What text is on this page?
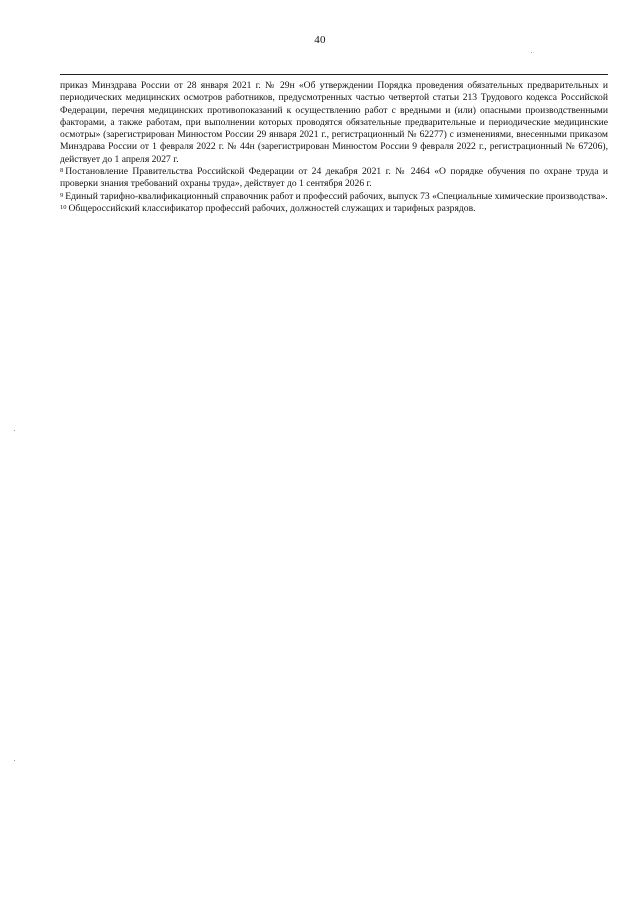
40

приказ Минздрава России от 28 января 2021 г. № 29н «Об утверждении Порядка проведения обязательных предварительных и периодических медицинских осмотров работников, предусмотренных частью четвертой статьи 213 Трудового кодекса Российской Федерации, перечня медицинских противопоказаний к осуществлению работ с вредными и (или) опасными производственными факторами, а также работам, при выполнении которых проводятся обязательные предварительные и периодические медицинские осмотры» (зарегистрирован Минюстом России 29 января 2021 г., регистрационный № 62277) с изменениями, внесенными приказом Минздрава России от 1 февраля 2022 г. № 44н (зарегистрирован Минюстом России 9 февраля 2022 г., регистрационный № 67206), действует до 1 апреля 2027 г.

$^8$ Постановление Правительства Российской Федерации от 24 декабря 2021 г. № 2464 «О порядке обучения по охране труда и проверки знания требований охраны труда», действует до 1 сентября 2026 г.

$^9$ Единый тарифно-квалификационный справочник работ и профессий рабочих, выпуск 73 «Специальные химические производства».

$^{10}$ Общероссийский классификатор профессий рабочих, должностей служащих и тарифных разрядов.
